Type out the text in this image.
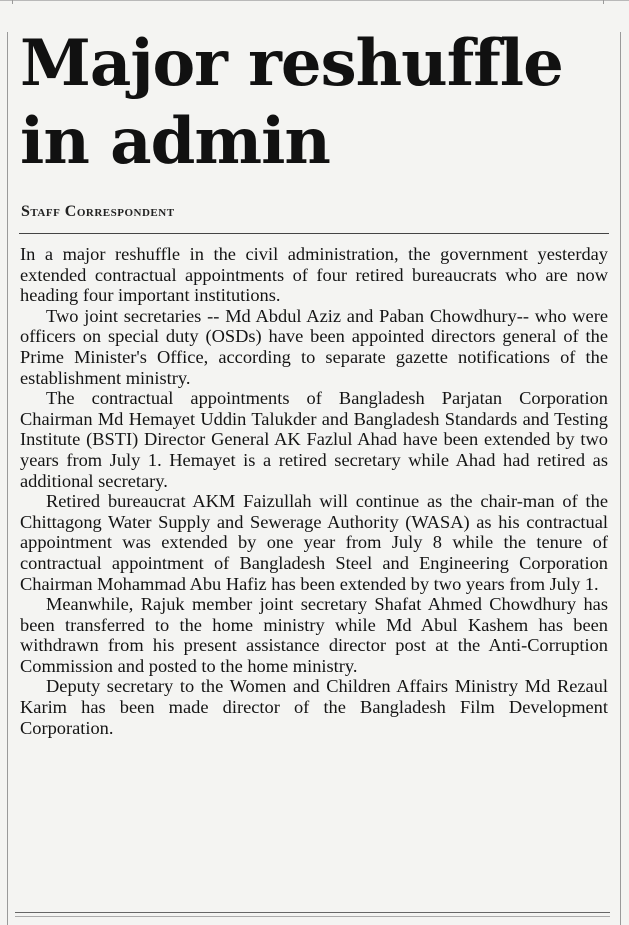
Major reshuffle in admin
Staff Correspondent

In a major reshuffle in the civil administration, the government yesterday extended contractual appointments of four retired bureaucrats who are now heading four important institutions.

Two joint secretaries -- Md Abdul Aziz and Paban Chowdhury-- who were officers on special duty (OSDs) have been appointed directors general of the Prime Minister's Office, according to separate gazette notifications of the establishment ministry.

The contractual appointments of Bangladesh Parjatan Corporation Chairman Md Hemayet Uddin Talukder and Bangladesh Standards and Testing Institute (BSTI) Director General AK Fazlul Ahad have been extended by two years from July 1. Hemayet is a retired secretary while Ahad had retired as additional secretary.

Retired bureaucrat AKM Faizullah will continue as the chair-man of the Chittagong Water Supply and Sewerage Authority (WASA) as his contractual appointment was extended by one year from July 8 while the tenure of contractual appointment of Bangladesh Steel and Engineering Corporation Chairman Mohammad Abu Hafiz has been extended by two years from July 1.

Meanwhile, Rajuk member joint secretary Shafat Ahmed Chowdhury has been transferred to the home ministry while Md Abul Kashem has been withdrawn from his present assistance director post at the Anti-Corruption Commission and posted to the home ministry.

Deputy secretary to the Women and Children Affairs Ministry Md Rezaul Karim has been made director of the Bangladesh Film Development Corporation.
